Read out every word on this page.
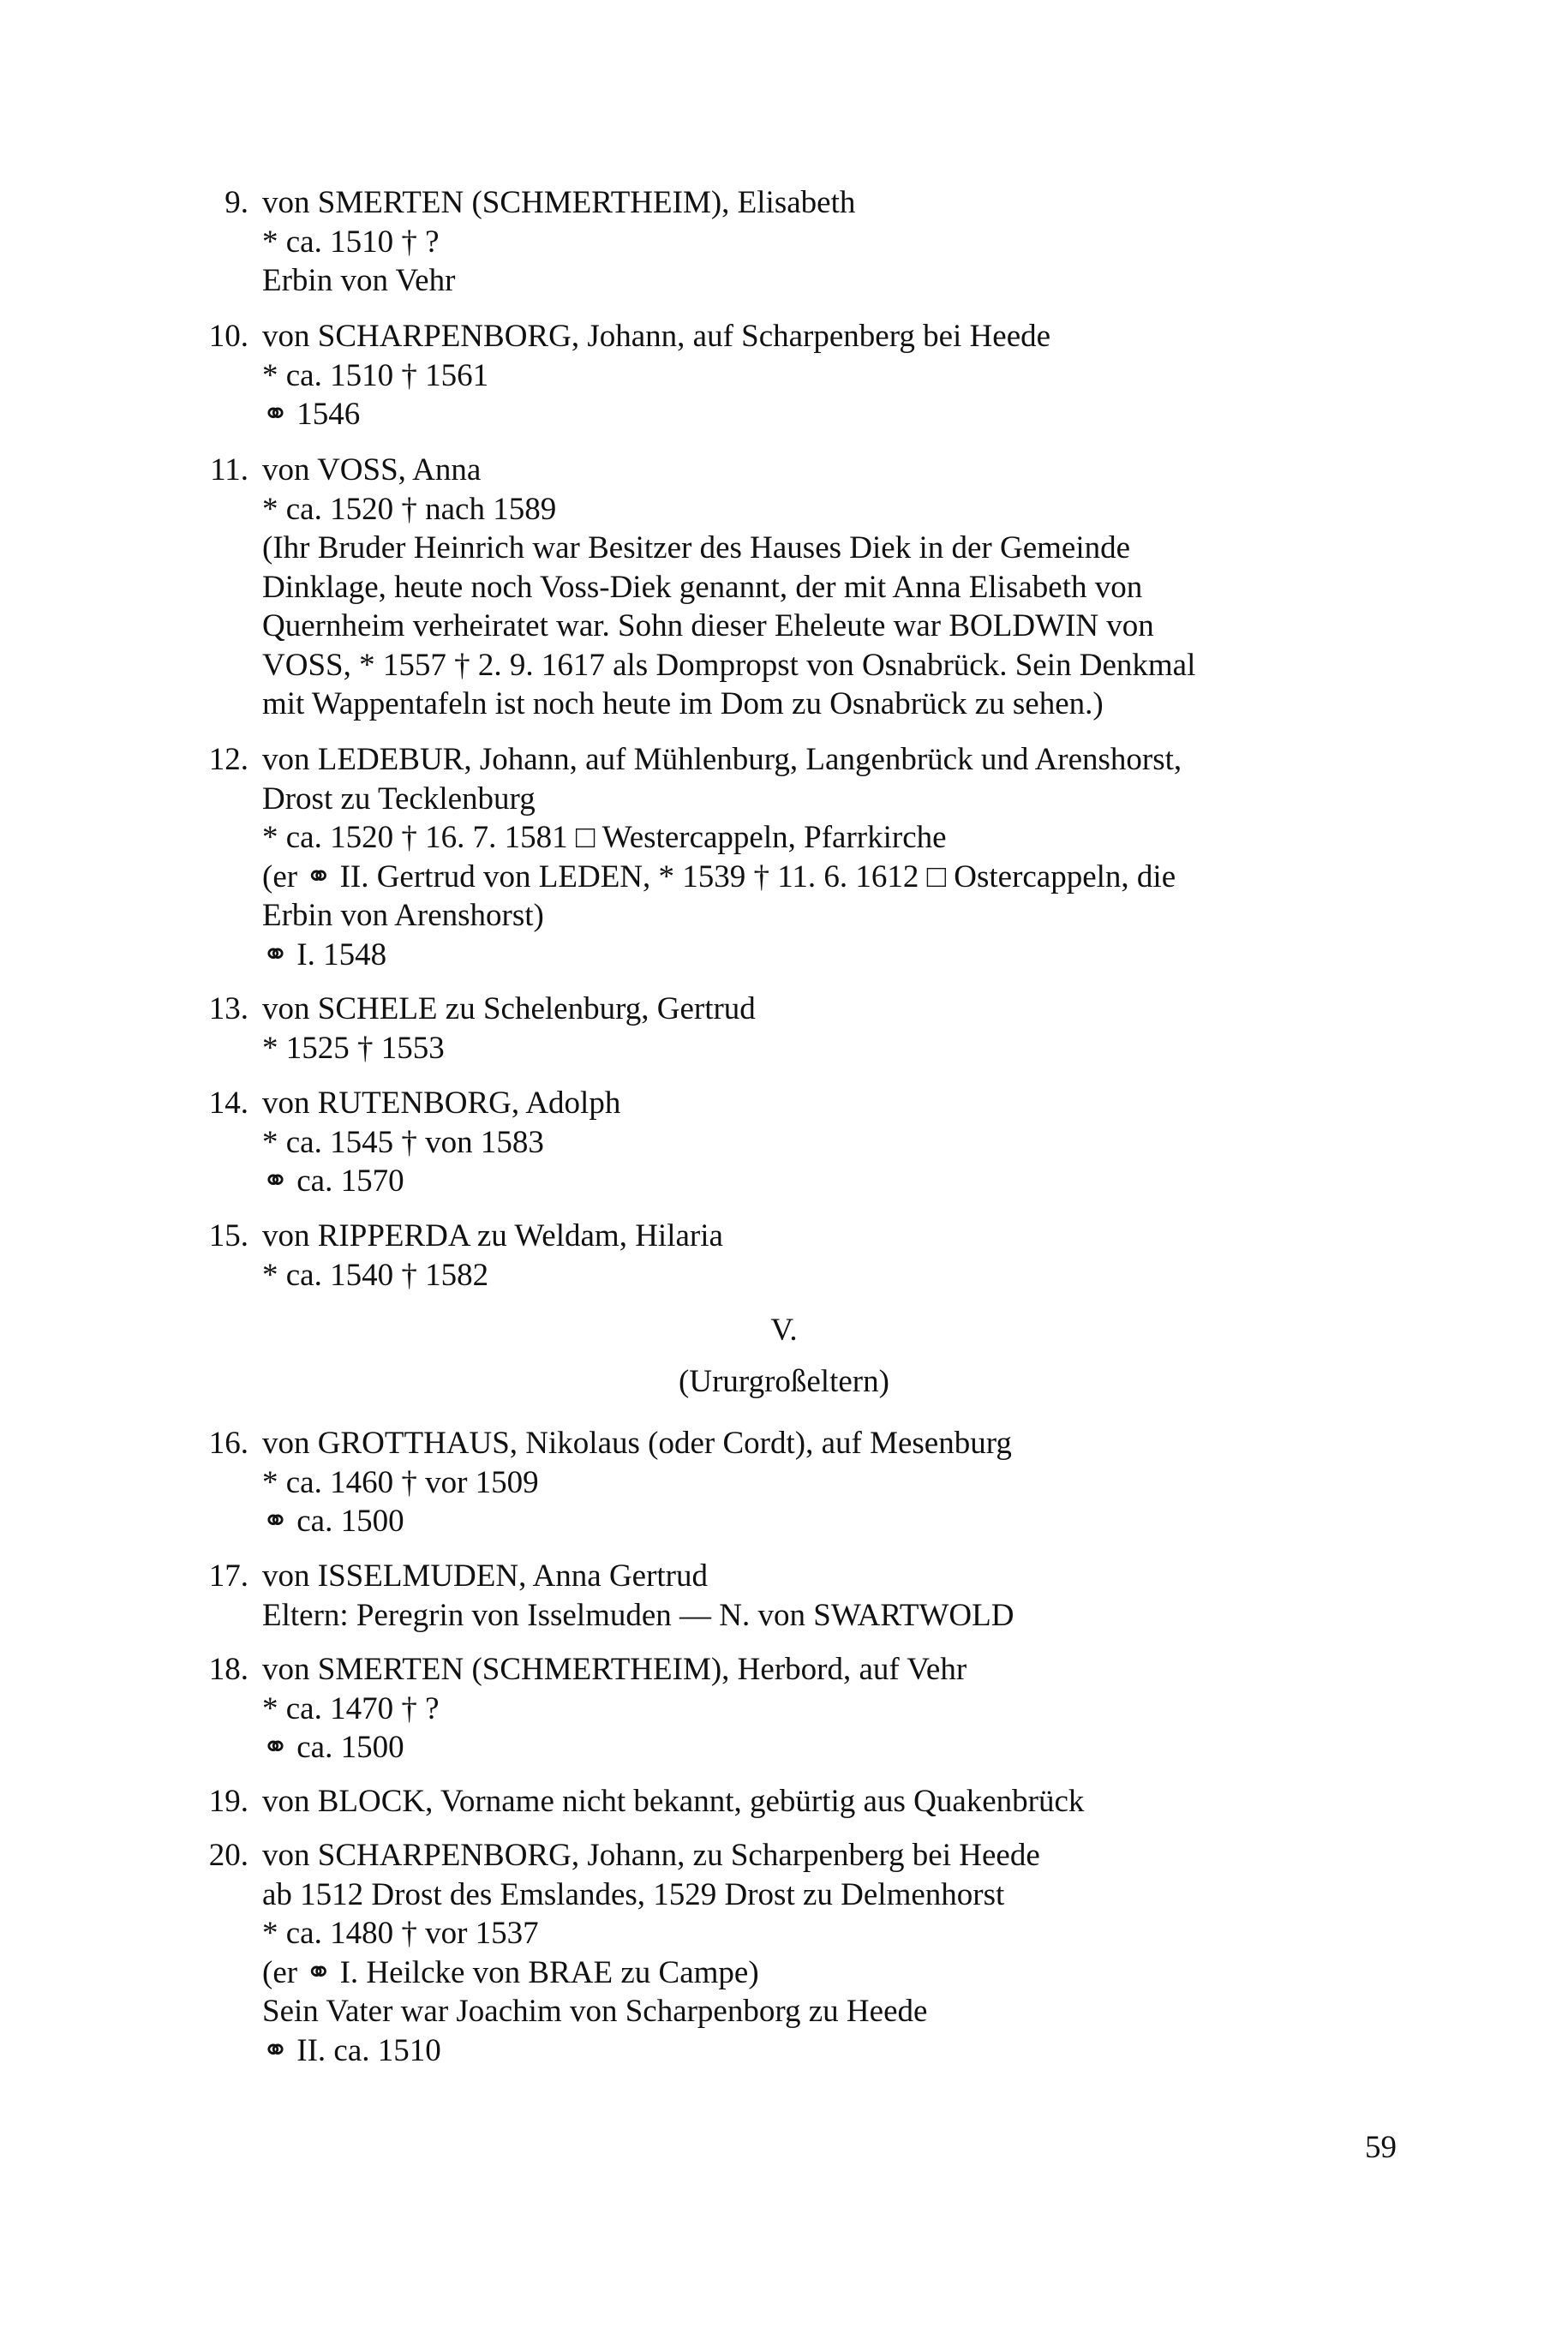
9. von SMERTEN (SCHMERTHEIM), Elisabeth
* ca. 1510 † ?
Erbin von Vehr
10. von SCHARPENBORG, Johann, auf Scharpenberg bei Heede
* ca. 1510 † 1561
⚭ 1546
11. von VOSS, Anna
* ca. 1520 † nach 1589
(Ihr Bruder Heinrich war Besitzer des Hauses Diek in der Gemeinde
Dinklage, heute noch Voss-Diek genannt, der mit Anna Elisabeth von
Quernheim verheiratet war. Sohn dieser Eheleute war BOLDWIN von
VOSS, * 1557 † 2. 9. 1617 als Dompropst von Osnabrück. Sein Denkmal
mit Wappentafeln ist noch heute im Dom zu Osnabrück zu sehen.)
12. von LEDEBUR, Johann, auf Mühlenburg, Langenbrück und Arenshorst,
Drost zu Tecklenburg
* ca. 1520 † 16. 7. 1581 □ Westercappeln, Pfarrkirche
(er ⚭ II. Gertrud von LEDEN, * 1539 † 11. 6. 1612 □ Ostercappeln, die
Erbin von Arenshorst)
⚭ I. 1548
13. von SCHELE zu Schelenburg, Gertrud
* 1525 † 1553
14. von RUTENBORG, Adolph
* ca. 1545 † von 1583
⚭ ca. 1570
15. von RIPPERDA zu Weldam, Hilaria
* ca. 1540 † 1582
V.
(Ururgroßeltern)
16. von GROTTHAUS, Nikolaus (oder Cordt), auf Mesenburg
* ca. 1460 † vor 1509
⚭ ca. 1500
17. von ISSELMUDEN, Anna Gertrud
Eltern: Peregrin von Isselmuden — N. von SWARTWOLD
18. von SMERTEN (SCHMERTHEIM), Herbord, auf Vehr
* ca. 1470 † ?
⚭ ca. 1500
19. von BLOCK, Vorname nicht bekannt, gebürtig aus Quakenbrück
20. von SCHARPENBORG, Johann, zu Scharpenberg bei Heede
ab 1512 Drost des Emslandes, 1529 Drost zu Delmenhorst
* ca. 1480 † vor 1537
(er ⚭ I. Heilcke von BRAE zu Campe)
Sein Vater war Joachim von Scharpenborg zu Heede
⚭ II. ca. 1510
59
